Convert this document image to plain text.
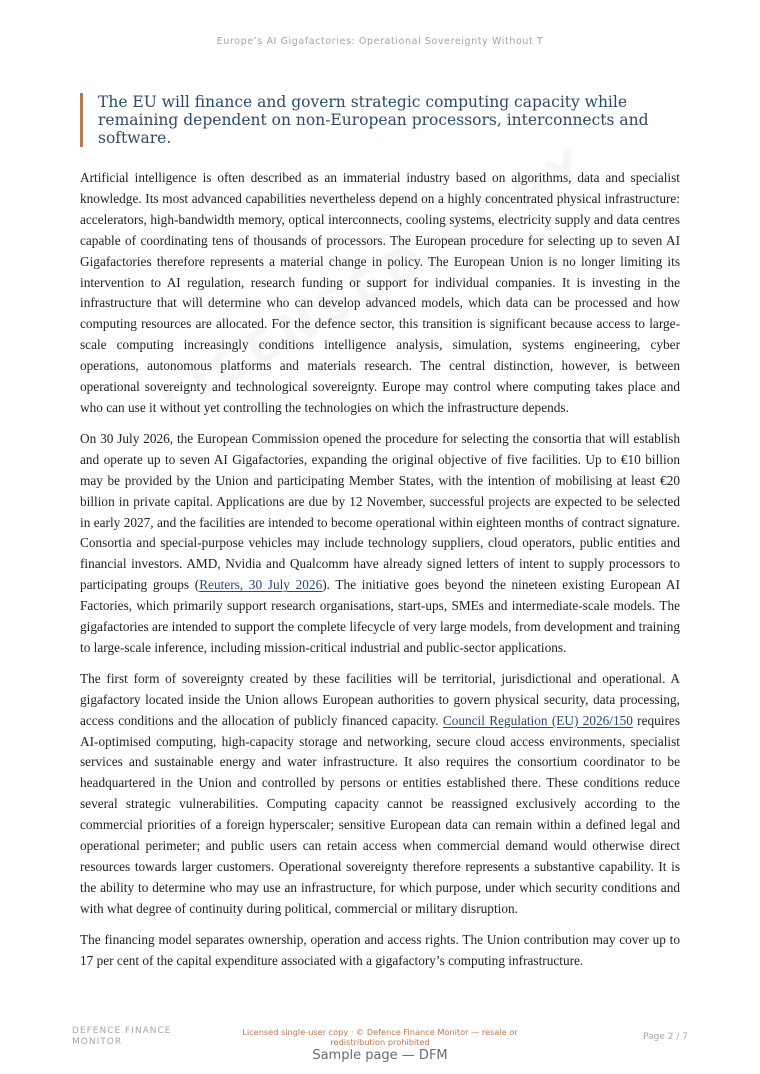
Europe’s AI Gigafactories: Operational Sovereignty Without T
The EU will finance and govern strategic computing capacity while remaining dependent on non-European processors, interconnects and software.

Artificial intelligence is often described as an immaterial industry based on algorithms, data and specialist knowledge. Its most advanced capabilities nevertheless depend on a highly concentrated physical infrastructure: accelerators, high-bandwidth memory, optical interconnects, cooling systems, electricity supply and data centres capable of coordinating tens of thousands of processors. The European procedure for selecting up to seven AI Gigafactories therefore represents a material change in policy. The European Union is no longer limiting its intervention to AI regulation, research funding or support for individual companies. It is investing in the infrastructure that will determine who can develop advanced models, which data can be processed and how computing resources are allocated. For the defence sector, this transition is significant because access to large-scale computing increasingly conditions intelligence analysis, simulation, systems engineering, cyber operations, autonomous platforms and materials research. The central distinction, however, is between operational sovereignty and technological sovereignty. Europe may control where computing takes place and who can use it without yet controlling the technologies on which the infrastructure depends.

On 30 July 2026, the European Commission opened the procedure for selecting the consortia that will establish and operate up to seven AI Gigafactories, expanding the original objective of five facilities. Up to €10 billion may be provided by the Union and participating Member States, with the intention of mobilising at least €20 billion in private capital. Applications are due by 12 November, successful projects are expected to be selected in early 2027, and the facilities are intended to become operational within eighteen months of contract signature. Consortia and special-purpose vehicles may include technology suppliers, cloud operators, public entities and financial investors. AMD, Nvidia and Qualcomm have already signed letters of intent to supply processors to participating groups (Reuters, 30 July 2026). The initiative goes beyond the nineteen existing European AI Factories, which primarily support research organisations, start-ups, SMEs and intermediate-scale models. The gigafactories are intended to support the complete lifecycle of very large models, from development and training to large-scale inference, including mission-critical industrial and public-sector applications.

The first form of sovereignty created by these facilities will be territorial, jurisdictional and operational. A gigafactory located inside the Union allows European authorities to govern physical security, data processing, access conditions and the allocation of publicly financed capacity. Council Regulation (EU) 2026/150 requires AI-optimised computing, high-capacity storage and networking, secure cloud access environments, specialist services and sustainable energy and water infrastructure. It also requires the consortium coordinator to be headquartered in the Union and controlled by persons or entities established there. These conditions reduce several strategic vulnerabilities. Computing capacity cannot be reassigned exclusively according to the commercial priorities of a foreign hyperscaler; sensitive European data can remain within a defined legal and operational perimeter; and public users can retain access when commercial demand would otherwise direct resources towards larger customers. Operational sovereignty therefore represents a substantive capability. It is the ability to determine who may use an infrastructure, for which purpose, under which security conditions and with what degree of continuity during political, commercial or military disruption.

The financing model separates ownership, operation and access rights. The Union contribution may cover up to 17 per cent of the capital expenditure associated with a gigafactory’s computing infrastructure.

DEFENCE FINANCE MONITOR
Licensed single-user copy · © Defence Finance Monitor — resale or redistribution prohibited	Page 2 / 7
Sample page — DFM
